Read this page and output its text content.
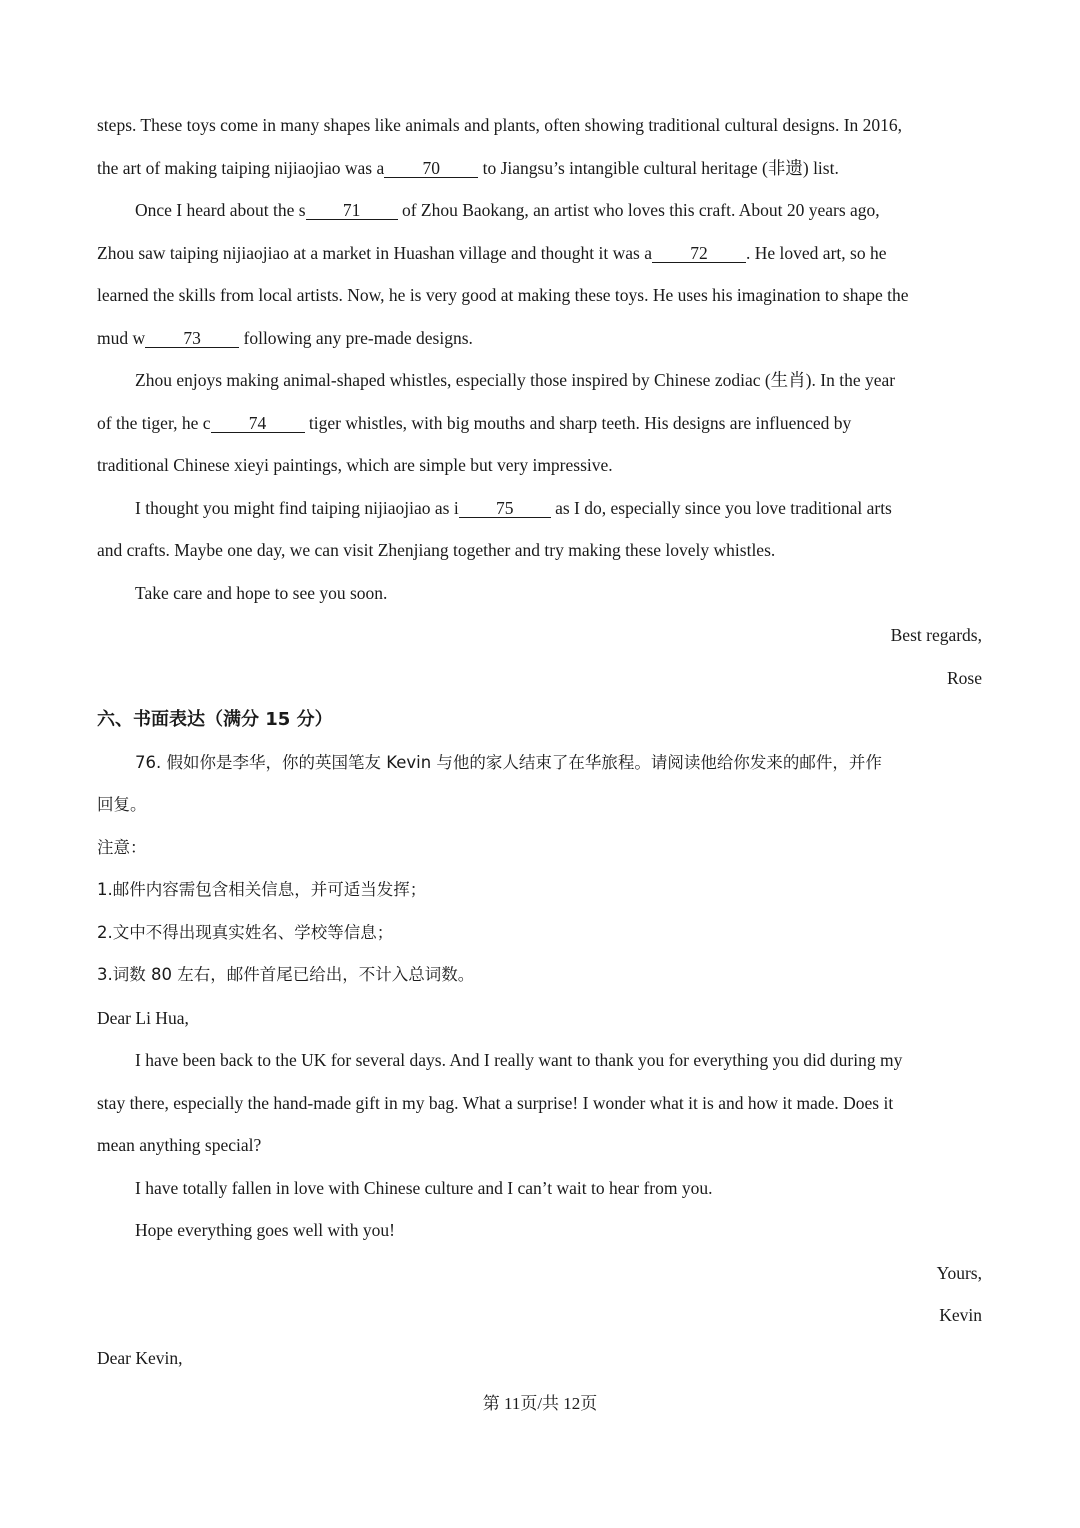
steps. These toys come in many shapes like animals and plants, often showing traditional cultural designs. In 2016,
the art of making taiping nijiaojiao was a 70 to Jiangsu’s intangible cultural heritage (非遗) list.
Once I heard about the s 71 of Zhou Baokang, an artist who loves this craft. About 20 years ago,
Zhou saw taiping nijiaojiao at a market in Huashan village and thought it was a 72 . He loved art, so he
learned the skills from local artists. Now, he is very good at making these toys. He uses his imagination to shape the
mud w 73 following any pre-made designs.
Zhou enjoys making animal-shaped whistles, especially those inspired by Chinese zodiac (生肖). In the year
of the tiger, he c 74 tiger whistles, with big mouths and sharp teeth. His designs are influenced by
traditional Chinese xieyi paintings, which are simple but very impressive.
I thought you might find taiping nijiaojiao as i 75 as I do, especially since you love traditional arts
and crafts. Maybe one day, we can visit Zhenjiang together and try making these lovely whistles.
Take care and hope to see you soon.
Best regards,
Rose
六、书面表达（满分 15 分）
76. 假如你是李华，你的英国笔友 Kevin 与他的家人结束了在华旅程。请阅读他给你发来的邮件，并作
回复。
注意：
1.邮件内容需包含相关信息，并可适当发挥；
2.文中不得出现真实姓名、学校等信息；
3.词数 80 左右，邮件首尾已给出，不计入总词数。
Dear Li Hua,
I have been back to the UK for several days. And I really want to thank you for everything you did during my
stay there, especially the hand-made gift in my bag. What a surprise! I wonder what it is and how it made. Does it
mean anything special?
I have totally fallen in love with Chinese culture and I can’t wait to hear from you.
Hope everything goes well with you!
Yours,
Kevin
Dear Kevin,
第 11页/共 12页
